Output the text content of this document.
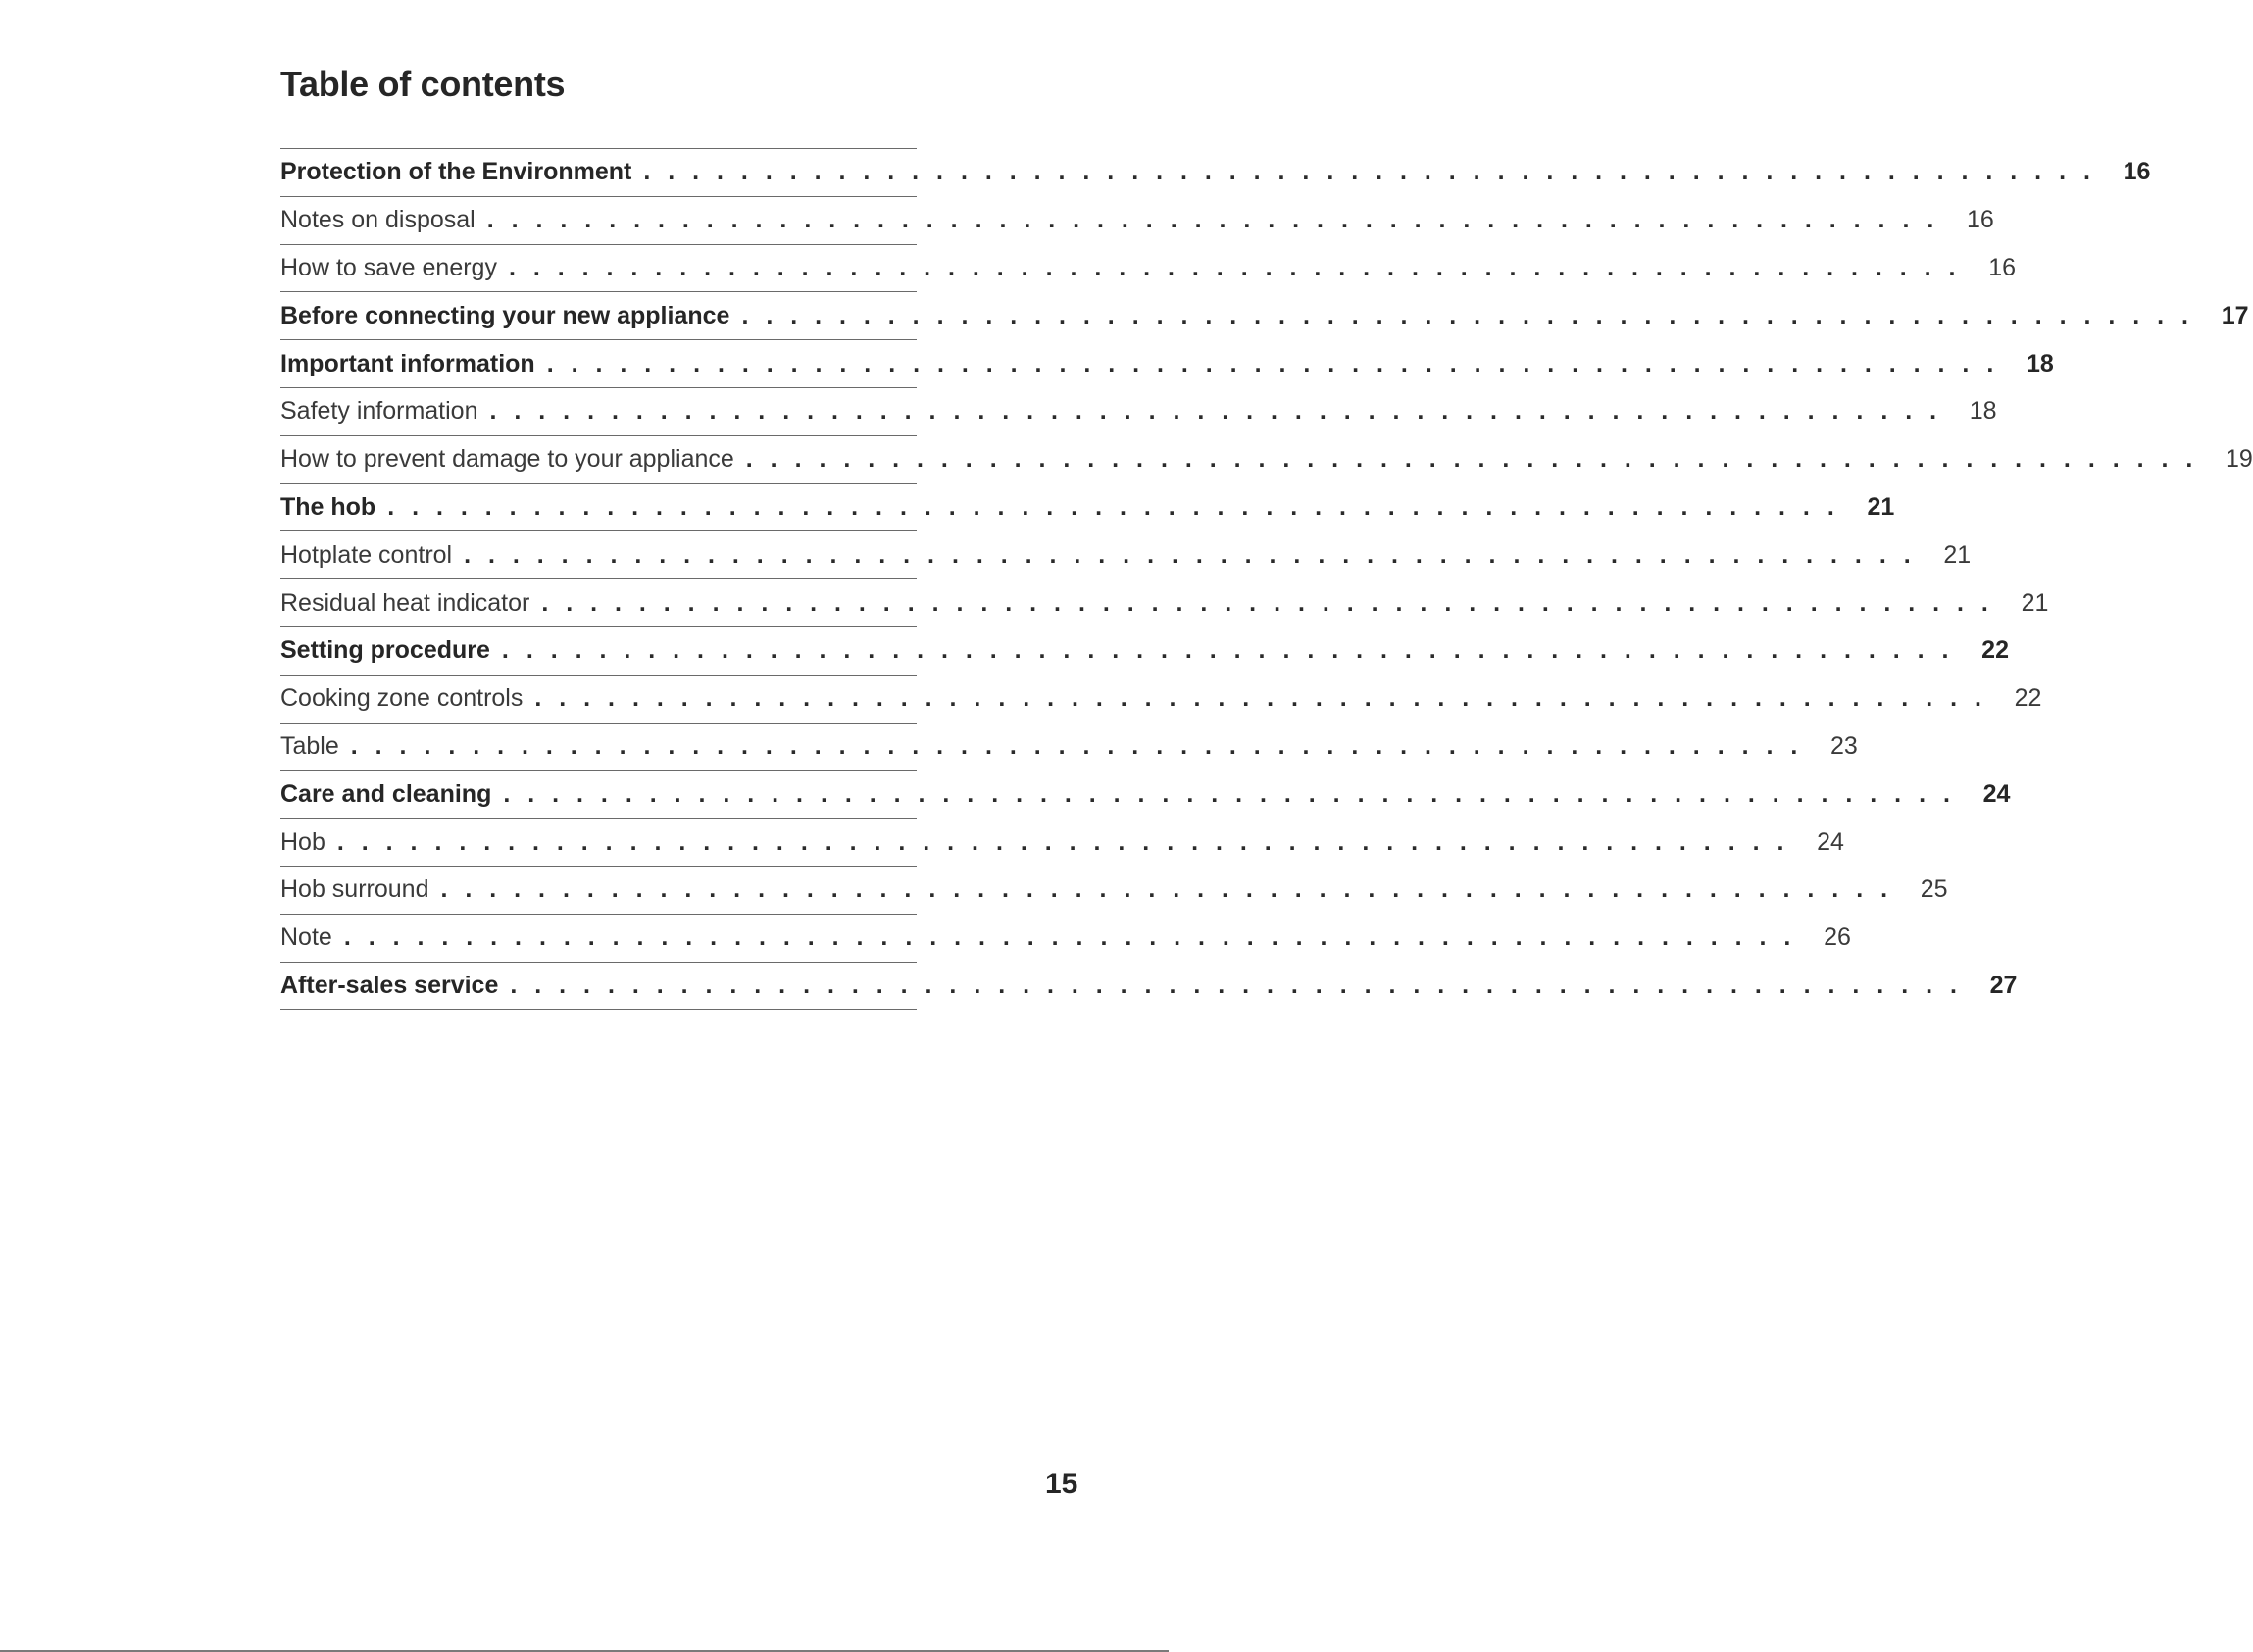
Table of contents
Protection of the Environment . . . . . . . . . . . . . . . . . . . . . . . . . . . . . . . . . . . . . . . . . . . . . . . . . . . . . . . . . . . . 16
Notes on disposal . . . . . . . . . . . . . . . . . . . . . . . . . . . . . . . . . . . . . . . . . . . . . . . . . . . . . . . . . . . . 16
How to save energy . . . . . . . . . . . . . . . . . . . . . . . . . . . . . . . . . . . . . . . . . . . . . . . . . . . . . . . . . . . . 16
Before connecting your new appliance . . . . . . . . . . . . . . . . . . . . . . . . . . . . . . . . . . . . . . . . . . . . . . . . . . . . . . . . . . . . 17
Important information . . . . . . . . . . . . . . . . . . . . . . . . . . . . . . . . . . . . . . . . . . . . . . . . . . . . . . . . . . . . 18
Safety information . . . . . . . . . . . . . . . . . . . . . . . . . . . . . . . . . . . . . . . . . . . . . . . . . . . . . . . . . . . . 18
How to prevent damage to your appliance . . . . . . . . . . . . . . . . . . . . . . . . . . . . . . . . . . . . . . . . . . . . . . . . . . . . . . . . . . . . 19
The hob . . . . . . . . . . . . . . . . . . . . . . . . . . . . . . . . . . . . . . . . . . . . . . . . . . . . . . . . . . . . 21
Hotplate control . . . . . . . . . . . . . . . . . . . . . . . . . . . . . . . . . . . . . . . . . . . . . . . . . . . . . . . . . . . . 21
Residual heat indicator . . . . . . . . . . . . . . . . . . . . . . . . . . . . . . . . . . . . . . . . . . . . . . . . . . . . . . . . . . . . 21
Setting procedure . . . . . . . . . . . . . . . . . . . . . . . . . . . . . . . . . . . . . . . . . . . . . . . . . . . . . . . . . . . . 22
Cooking zone controls . . . . . . . . . . . . . . . . . . . . . . . . . . . . . . . . . . . . . . . . . . . . . . . . . . . . . . . . . . . . 22
Table . . . . . . . . . . . . . . . . . . . . . . . . . . . . . . . . . . . . . . . . . . . . . . . . . . . . . . . . . . . . 23
Care and cleaning . . . . . . . . . . . . . . . . . . . . . . . . . . . . . . . . . . . . . . . . . . . . . . . . . . . . . . . . . . . . 24
Hob . . . . . . . . . . . . . . . . . . . . . . . . . . . . . . . . . . . . . . . . . . . . . . . . . . . . . . . . . . . . 24
Hob surround . . . . . . . . . . . . . . . . . . . . . . . . . . . . . . . . . . . . . . . . . . . . . . . . . . . . . . . . . . . . 25
Note . . . . . . . . . . . . . . . . . . . . . . . . . . . . . . . . . . . . . . . . . . . . . . . . . . . . . . . . . . . . 26
After-sales service . . . . . . . . . . . . . . . . . . . . . . . . . . . . . . . . . . . . . . . . . . . . . . . . . . . . . . . . . . . . 27
15
